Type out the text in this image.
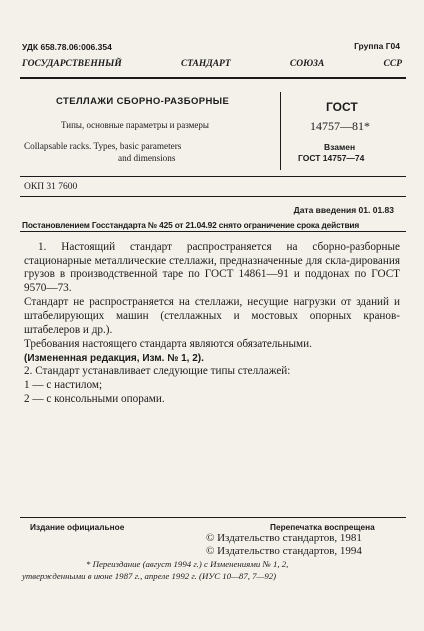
УДК 658.78.06:006.354	Группа Г04
ГОСУДАРСТВЕННЫЙ СТАНДАРТ СОЮЗА ССР
СТЕЛЛАЖИ СБОРНО-РАЗБОРНЫЕ
Типы, основные параметры и размеры
Collapsable racks. Types, basic parameters
and dimensions
ГОСТ
14757—81*
Взамен
ГОСТ 14757—74
ОКП 31 7600
Дата введения 01. 01.83
Постановлением Госстандарта № 425 от 21.04.92 снято ограничение срока действия

1. Настоящий стандарт распространяется на сборно-разборные стационарные металлические стеллажи, предназначенные для скла-дирования грузов в производственной таре по ГОСТ 14861—91 и поддонах по ГОСТ 9570—73.

Стандарт не распространяется на стеллажи, несущие нагрузки от зданий и штабелирующих машин (стеллажных и мостовых опорных кранов-штабелеров и др.).

Требования настоящего стандарта являются обязательными.

(Измененная редакция, Изм. № 1, 2).

2. Стандарт устанавливает следующие типы стеллажей:

1 — с настилом;

2 — с консольными опорами.

Издание официальное	Перепечатка воспрещена
© Издательство стандартов, 1981
© Издательство стандартов, 1994
* Переиздание (август 1994 г.) с Изменениями № 1, 2,
утвержденными в июне 1987 г., апреле 1992 г. (ИУС 10—87, 7—92)
